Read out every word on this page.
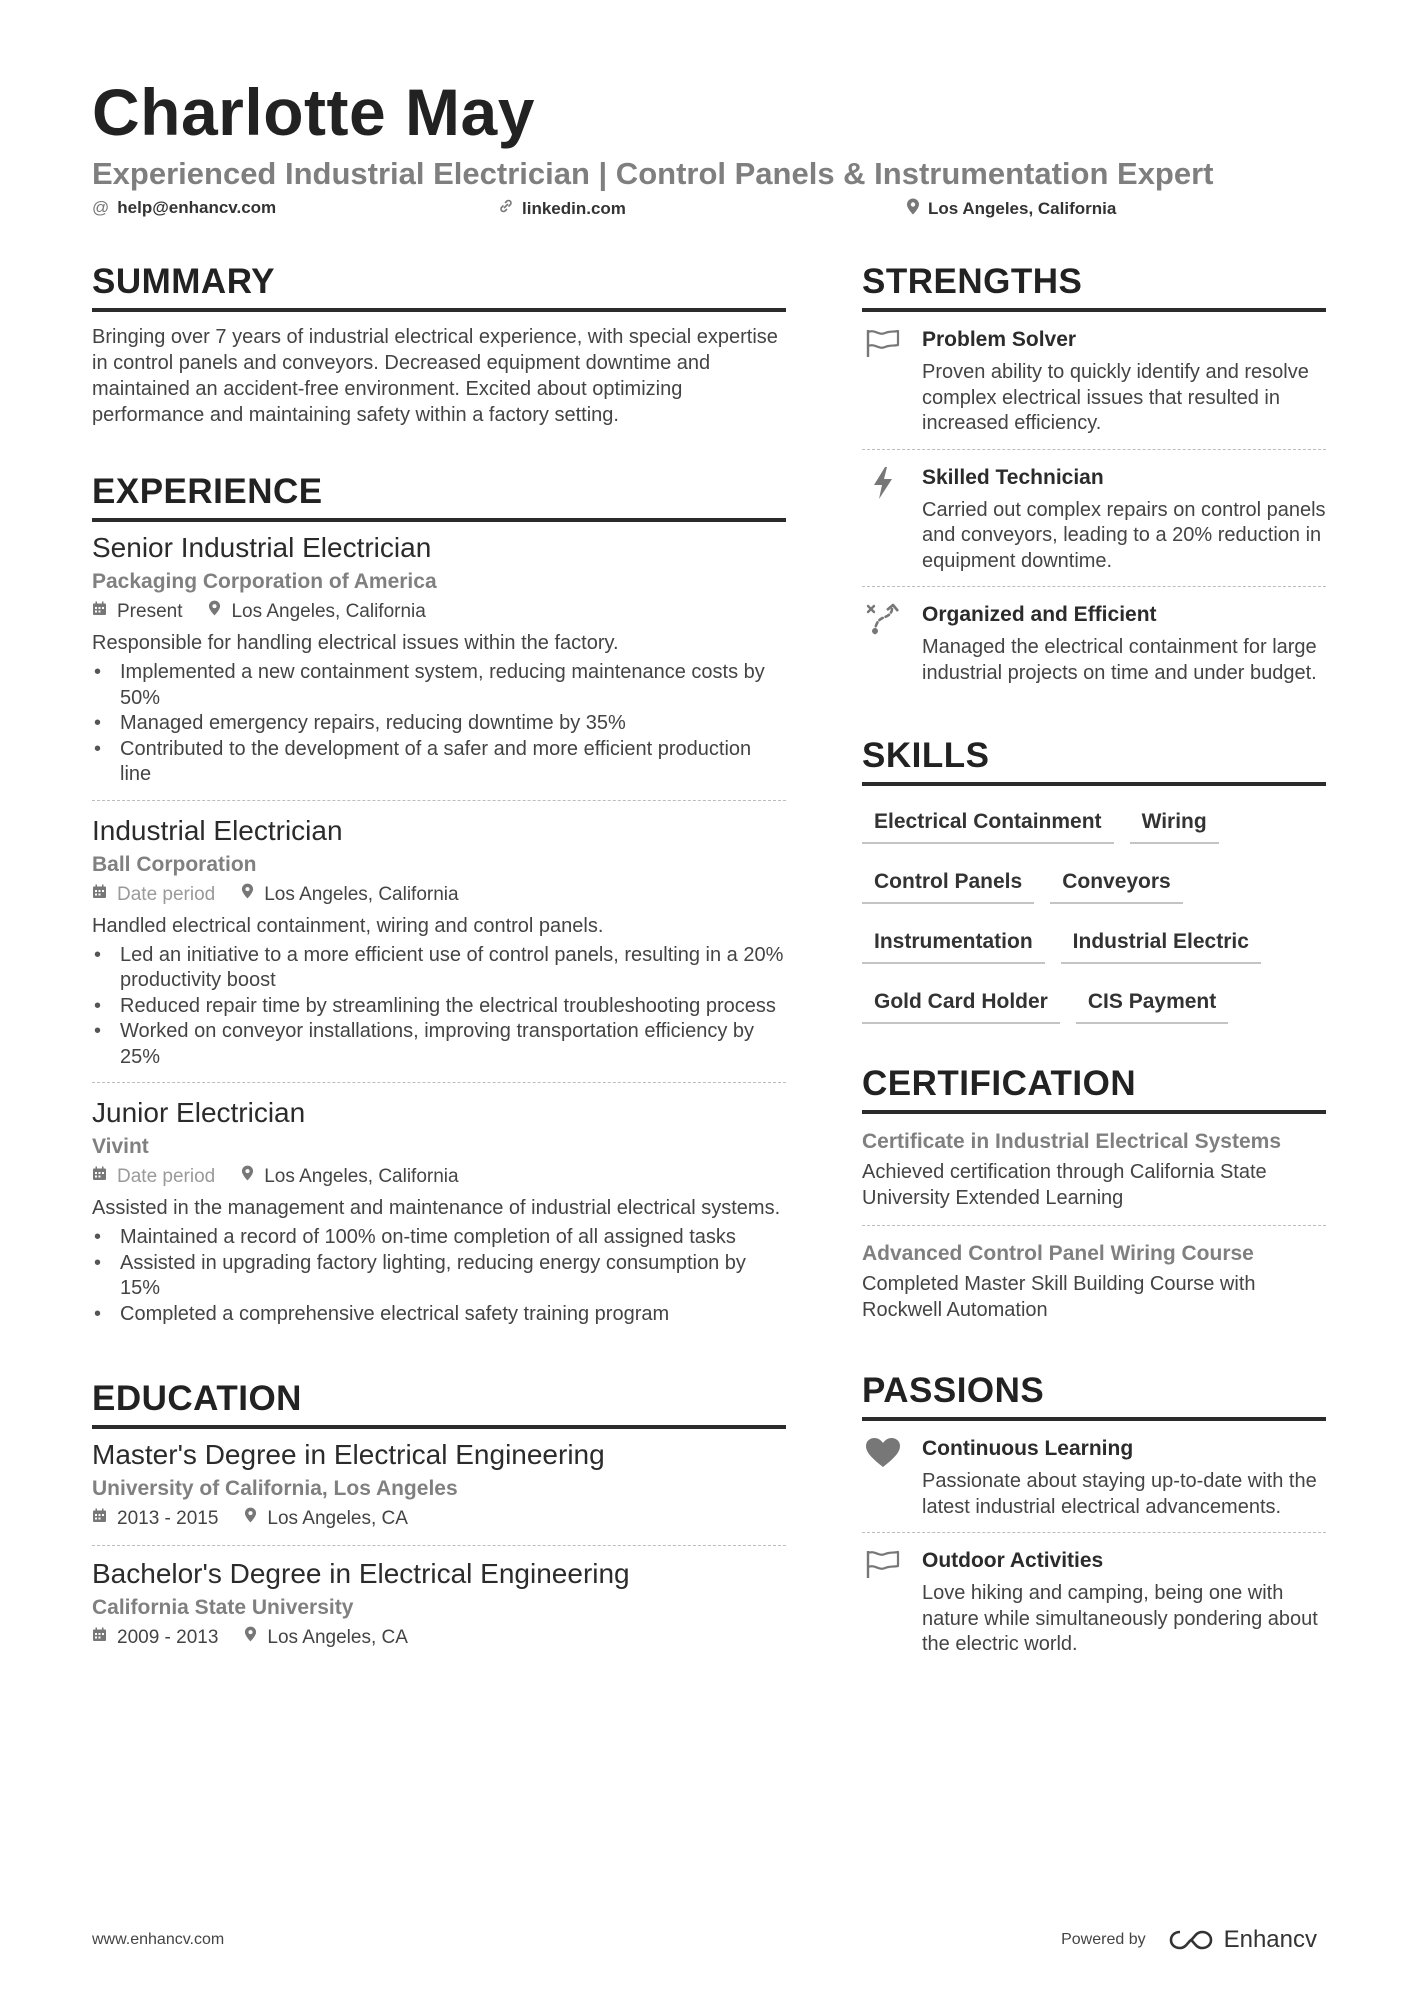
Charlotte May
Experienced Industrial Electrician | Control Panels & Instrumentation Expert
@ help@enhancv.com	linkedin.com	Los Angeles, California
SUMMARY
Bringing over 7 years of industrial electrical experience, with special expertise in control panels and conveyors. Decreased equipment downtime and maintained an accident-free environment. Excited about optimizing performance and maintaining safety within a factory setting.
EXPERIENCE
Senior Industrial Electrician
Packaging Corporation of America
Present	Los Angeles, California
Responsible for handling electrical issues within the factory.
• Implemented a new containment system, reducing maintenance costs by 50%
• Managed emergency repairs, reducing downtime by 35%
• Contributed to the development of a safer and more efficient production line
Industrial Electrician
Ball Corporation
Date period	Los Angeles, California
Handled electrical containment, wiring and control panels.
• Led an initiative to a more efficient use of control panels, resulting in a 20% productivity boost
• Reduced repair time by streamlining the electrical troubleshooting process
• Worked on conveyor installations, improving transportation efficiency by 25%
Junior Electrician
Vivint
Date period	Los Angeles, California
Assisted in the management and maintenance of industrial electrical systems.
• Maintained a record of 100% on-time completion of all assigned tasks
• Assisted in upgrading factory lighting, reducing energy consumption by 15%
• Completed a comprehensive electrical safety training program
EDUCATION
Master's Degree in Electrical Engineering
University of California, Los Angeles
2013 - 2015	Los Angeles, CA
Bachelor's Degree in Electrical Engineering
California State University
2009 - 2013	Los Angeles, CA
STRENGTHS
Problem Solver
Proven ability to quickly identify and resolve complex electrical issues that resulted in increased efficiency.
Skilled Technician
Carried out complex repairs on control panels and conveyors, leading to a 20% reduction in equipment downtime.
Organized and Efficient
Managed the electrical containment for large industrial projects on time and under budget.
SKILLS
Electrical Containment	Wiring
Control Panels	Conveyors
Instrumentation	Industrial Electric
Gold Card Holder	CIS Payment
CERTIFICATION
Certificate in Industrial Electrical Systems
Achieved certification through California State University Extended Learning
Advanced Control Panel Wiring Course
Completed Master Skill Building Course with Rockwell Automation
PASSIONS
Continuous Learning
Passionate about staying up-to-date with the latest industrial electrical advancements.
Outdoor Activities
Love hiking and camping, being one with nature while simultaneously pondering about the electric world.
www.enhancv.com	Powered by	Enhancv
